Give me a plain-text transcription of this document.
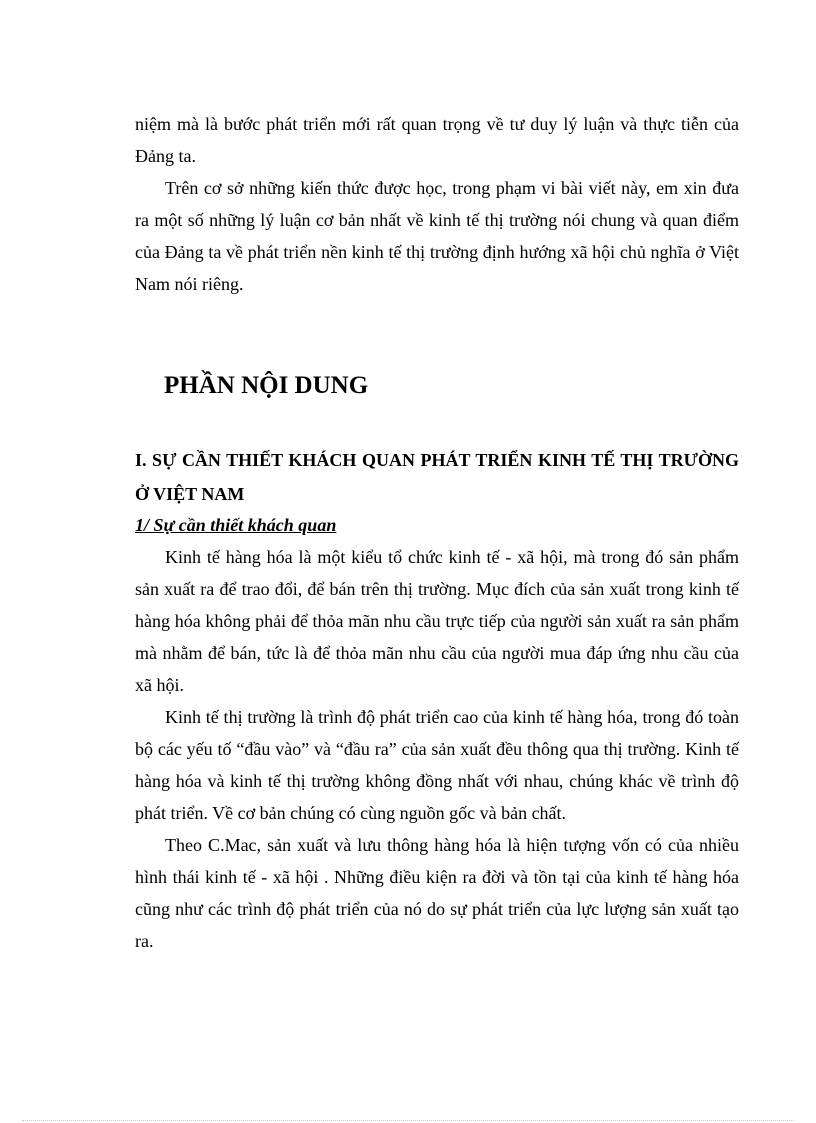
niệm mà là bước phát triển mới rất quan trọng về tư duy lý luận và thực tiễn của Đảng ta.

Trên cơ sở những kiến thức được học, trong phạm vi bài viết này, em xin đưa ra một số những lý luận cơ bản nhất về kinh tế thị trường nói chung và quan điểm của Đảng ta về phát triển nền kinh tế thị trường định hướng xã hội chủ nghĩa ở Việt Nam nói riêng.

PHẦN NỘI DUNG
I. SỰ CẦN THIẾT KHÁCH QUAN PHÁT TRIỂN KINH TẾ THỊ TRƯỜNG Ở VIỆT NAM
1/ Sự cần thiết khách quan

Kinh tế hàng hóa là một kiểu tổ chức kinh tế - xã hội, mà trong đó sản phẩm sản xuất ra để trao đổi, để bán trên thị trường. Mục đích của sản xuất trong kinh tế hàng hóa không phải để thỏa mãn nhu cầu trực tiếp của người sản xuất ra sản phẩm mà nhằm để bán, tức là để thỏa mãn nhu cầu của người mua đáp ứng nhu cầu của xã hội.

Kinh tế thị trường là trình độ phát triển cao của kinh tế hàng hóa, trong đó toàn bộ các yếu tố “đầu vào” và “đầu ra” của sản xuất đều thông qua thị trường. Kinh tế hàng hóa và kinh tế thị trường không đồng nhất với nhau, chúng khác về trình độ phát triển. Về cơ bản chúng có cùng nguồn gốc và bản chất.

Theo C.Mac, sản xuất và lưu thông hàng hóa là hiện tượng vốn có của nhiều hình thái kinh tế - xã hội . Những điều kiện ra đời và tồn tại của kinh tế hàng hóa cũng như các trình độ phát triển của nó do sự phát triển của lực lượng sản xuất tạo ra.
